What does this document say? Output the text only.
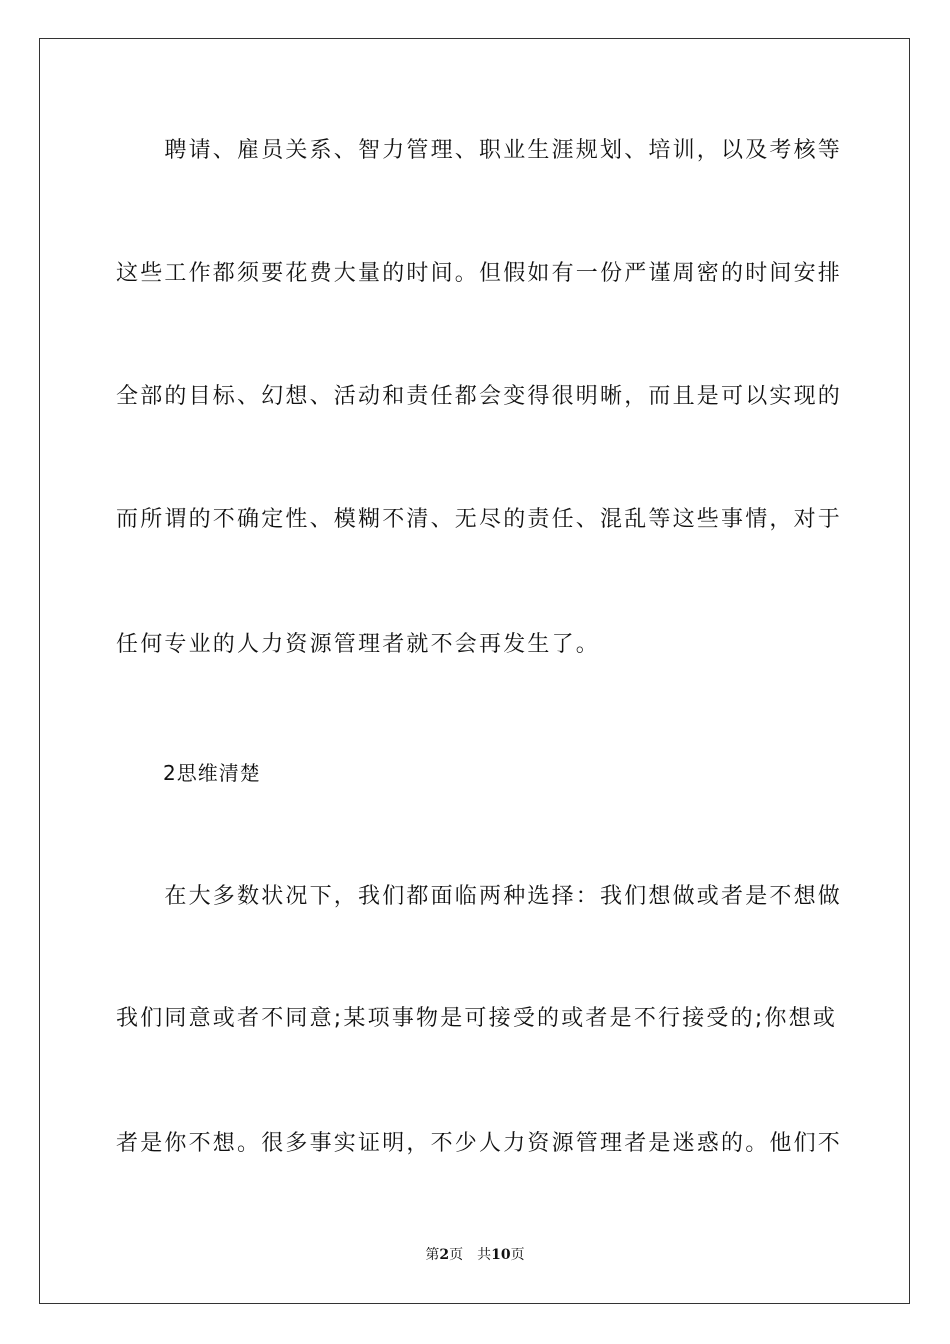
　　聘请、雇员关系、智力管理、职业生涯规划、培训，以及考核等

这些工作都须要花费大量的时间。但假如有一份严谨周密的时间安排

全部的目标、幻想、活动和责任都会变得很明晰，而且是可以实现的

而所谓的不确定性、模糊不清、无尽的责任、混乱等这些事情，对于

任何专业的人力资源管理者就不会再发生了。

2思维清楚

　　在大多数状况下，我们都面临两种选择：我们想做或者是不想做

我们同意或者不同意;某项事物是可接受的或者是不行接受的;你想或

者是你不想。很多事实证明，不少人力资源管理者是迷惑的。他们不

第2页 共10页
